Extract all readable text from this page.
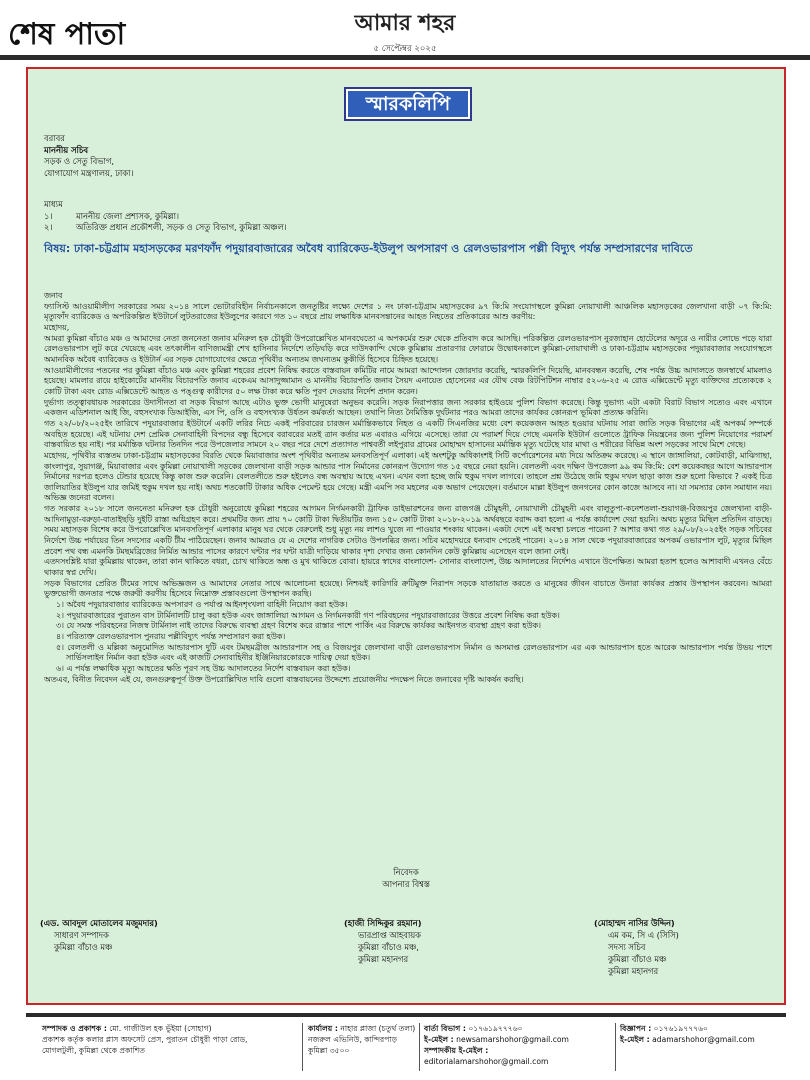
শেষ পাতা	আমার শহর
৫ সেপ্টেম্বর ২০২৫
স্মারকলিপি
বরাবর
মাননীয় সচিব
সড়ক ও সেতু বিভাগ,
যোগাযোগ মন্ত্রণালয়, ঢাকা।
মাধ্যম
১।	মাননীয় জেলা প্রশাসক, কুমিল্লা।
২।	অতিরিক্ত প্রধান প্রকৌশলী, সড়ক ও সেতু বিভাগ, কুমিল্লা অঞ্চল।
বিষয়: ঢাকা-চট্টগ্রাম মহাসড়কের মরণফাঁদ পদুয়ারবাজারের অবৈধ ব্যারিকেড-ইউলুপ অপসারণ ও রেলওভারপাস পল্লী বিদ্যুৎ পর্যন্ত সম্প্রসারণের দাবিতে

জনাব

ফ্যাসিস্ট আওয়ামীলীগ সরকারের সময় ২০১৪ সালে ভোটারবিহীন নির্বাচনকালে জনতুষ্টির লক্ষ্যে দেশের ১ নং ঢাকা-চট্টগ্রাম মহাসড়কের ৯৭ কি:মি সংযোগস্থলে কুমিল্লা নোয়াখালী আঞ্চলিক মহাসড়কের জেলখানা বাড়ী ০৭ কি:মি: মৃত্যুফাঁদ ব্যারিকেড ও অপরিকল্পিত ইউটার্নে লুটতরাজের ইউলুপের কারণে গত ১০ বছরে প্রায় লক্ষাধিক মানবসন্তানের আহত নিহতের প্রতিকারের আশু করণীয়:

মহোদয়,

আমরা কুমিল্লা বাঁচাও মঞ্চ ও আমাদের নেতা জননেতা জনাব মনিরুল হক চৌধুরী উপরোল্লেখিত মানবঘেতো এ অপকর্মের শুরু থেকে প্রতিবাদ করে আসছি। পরিকল্পিত রেলওভারপাস নুরজাহান হোটেলের অদূরে ও নারীর লোভে পড়ে যারা রেলওভারপাস লুট করে খেয়েছে এবং তৎকালীন বাণিজ্যমন্ত্রী শেখ হাসিনার নির্দেশে তড়িঘড়ি করে দাউদকান্দি থেকে কুমিল্লায় প্রতারণার ফোরামে উদ্বোধনকালে কুমিল্লা-নোয়াখালী ও ঢাকা-চট্টগ্রাম মহাসড়কের পদুয়ারবাজার সংযোগস্থলে অমানবিক অবৈধ ব্যারিকেড ও ইউটার্ন এর সড়ক যোগাযোগের ক্ষেত্রে পৃথিবীর অন্যতম জঘন্যতম কুকীর্তি হিসেবে চিহ্নিত হয়েছে।

আওয়ামীলীগের পতনের পর কুমিল্লা বাঁচাও মঞ্চ এবং কুমিল্লা শহরের প্রবেশ নিষিদ্ধ করতে বাস্তবায়ন কমিটির নামে আমরা আন্দোলন জোরদার করেছি, স্মারকলিপি দিয়েছি, মানববন্ধন করেছি, শেষ পর্যন্ত উচ্চ আদালতে জনস্বার্থে মামলাও হয়েছে। মামলার রায়ে হাইকোর্টের মাননীয় বিচারপতি জনাব একেএম আসাদুজ্জামান ও মাননীয় বিচারপতি জনাব সৈয়দ এনায়েত হোসেনের এর যৌথ বেঞ্চ রিটপিটিশন নাম্বার ৫২০৬-২৫ এ রোড এক্সিডেন্টে মৃত্যু ব্যক্তিদের প্রত্যেককে ২ কোটি টাকা এবং রোড এক্সিডেন্টে আহত ও পঙ্গুত্ব কারীদের ৫০ লক্ষ টাকা করে ক্ষতি পূরণ দেওয়ার নির্দেশ প্রদান করেন।

দুর্ভাগ্য তত্ত্বাবধায়ক সরকারের উদাসীনতা বা সড়ক বিভাগ আছে এটাও ভুক্ত ভোগী মানুষেরা অনুভব করেনি। সড়ক নিরাপত্তার জন্য সরকার হাইওয়ে পুলিশ বিভাগ করেছে। কিন্তু দুভাগ্য এটা একটা বিরাট বিভাগ সত্যেও এবং এখানে একজন এডিশনাল আই জি, বহুসংখ্যক ডিআইজি, এস পি, ওসি ও বহুসংখ্যক উর্ধতন কর্মকর্তা আছেন। তথাপি নিত্য নৈমিত্তিক দুর্ঘটনার পরও আমরা তাদের কার্যকর কোনরূপ ভূমিকা প্রত্যক্ষ করিনি।

গত ২২/০৮/২০২৫ইং তারিখে পদুয়ারবাজার ইউটার্নে একটি লরির নিচে একই পরিবারের চারজন মর্মান্তিকভাবে নিহত ও একটি সিএনজির মধ্যে বেশ কয়েকজন আহত হওয়ার ঘটনায় সারা জাতি সড়ক বিভাগের এই অপকর্ম সম্পর্কে অবহিত হয়েছে। এই ঘটনায় দেশ প্রেমিক সেনাবাহিনী বিপদের বন্ধু হিসেবে বরাবরের মতই ত্রান কর্তার মত এবারও এগিয়ে এসেছে। তারা যে পরামর্শ দিয়ে গেছে এমনকি ইউটার্ন গুলোতে ট্রাফিক নিয়ন্ত্রনের জন্য পুলিশ নিয়োগের পরামর্শ বাস্তবায়িত হয় নাই। পর মর্মান্তিক ঘটনার তিনদিন পরে উপজেলার সামনে ২০ বছর পরে দেশে প্রত্যাগত পাশ্ববর্তী লইপুরার গ্রামের মোহাম্মদ হাসানের মর্মান্তিক মৃত্যু ঘটেছে যার মাথা ও শরীরের বিভিন্ন অংশ সড়কের সাথে মিশে গেছে।

মহোদয়, পৃথিবীর ব্যস্ততম ঢাকা-চট্টগ্রাম মহাসড়কের বিরতি থেকে মিয়াবাজার অংশ পৃথিবীর অন্যতম মনবসতিপূর্ণ এলাকা। এই অংশটুকু অধিকাংশই সিটি কর্পোরেশনের মধ্য দিয়ে অতিক্রম করেছে। এ স্থানে জাঙ্গালিয়া, কোটবাড়ী, মাঝিগাছা, কাংলাপুর, সুয়াগঞ্জ, মিয়াবাজার এবং কুমিল্লা নোয়াখালী সড়কের জেলখানা বাড়ী সড়ক আন্ডার পাস নির্মানের কোনরূপ উদ্যোগ গত ১৫ বছরে নেয়া হয়নি। বেলতলী এবং দক্ষিণ উপজেলা ৯৯ কম কি:মি: বেশ কয়েকবছর আগে আন্ডারপাস নির্মানের দরপত্র হলেও টেন্ডার হয়েছে কিন্তু কাজ শুরু করেনি। বেলতলীতে শুরু হইলেও বন্ধ অবস্থায় আছে এখন। এখন বলা হচ্ছে জমি হুকুম দখল লাগবে। তাহলে প্রশ্ন উঠেছে জমি হুকুম দখল ছাড়া কাজ শুরু হলো কিভাবে ? একই চিত্র জালিয়াতির ইউলুপ যার জমিই হুকুম দখল হয় নাই। অথচ শতকোটি টাকার অধিক পেমেন্ট হয়ে গেছে। মন্ত্রী এমপি সব মহলের এক অভাগ পেয়েছেন। বর্তমানে মাল্লা ইউলুপ জনগনের কোন কাজে আসবে না। যা সমস্যার কোন সমাধান নয়। অভিজ্ঞ জনেরা বলেন।

গত সরকার ২০১৮ সালে জননেতা মনিরুল হক চৌধুরী অনুরোধে কুমিল্লা শহরের আগমন নির্গমনকারী ট্রাফিক ডাইভারশনের জন্য রাজগঞ্জ চৌমুহনী, নোয়াখালী চৌমুহনী এবং বালুতুপা-কনেশতলা-শুয়াগঞ্জ-বিজয়পুর জেলখানা বাড়ী- আদিনামুড়া-বরুড়া-বাতাইছড়ি দুইটি রাস্তা অধিগ্রহণ করে। প্রথমটির জন্য প্রায় ৭০ কোটি টাকা দ্বিতীয়টির জন্য ১৫০ কোটি টাকা ২০১৮-২০১৯ অর্থবছরে বরাদ্দ করা হলো এ পর্যন্ত কার্যাদেশ দেয়া হয়নি। অথচ মৃত্যুর মিছিল প্রতিদিন বাড়ছে। সময় মহাসড়ক বিশেষ করে উপরোল্লেখিত মানবসতিপূর্ণ এলাকার মানুষ ঘর থেকে বেরুলেই শুধু মৃত্যু নয় লাশও খুজে না পাওয়ার শংকায় থাকেন। একটা দেশে এই অবস্থা চলতে পারেনা ? আশার কথা গত ২৯/০৮/২০২৫ইং সড়ক সচিবের নির্দেশে উচ্চ পর্যায়ের তিন সদস্যের একটি টীম পাঠিয়েছেন। জনাব আমরাও যে এ দেশের নাগরিক সেটাও উপলব্ধির জন্য। সচিব মহোদয়রে ধন্যবাদ পেতেই পারেন। ২০১৪ সাল থেকে পদুয়ারবাজারের অপকর্ম ওভারপাস লুট, মৃত্যুর মিছিল প্রবেশ পথ বন্ধ এমনকি টমছমব্রিজের নির্মিত আন্ডার পাসের কারণে ঘন্টার পর ঘন্টা যাত্রী দাড়িয়ে থাকার দৃশ্য দেখার জন্য কোনদিন কেউ কুমিল্লায় এসেছেন বলে জানা নেই।

এতদসংশ্লিষ্ট যারা কুমিল্লায় থাকেন, তারা কান থাকিতে বধরা, চোখ থাকিতে অন্ধ ও মুখ থাকিতে বোবা। হায়রে স্বাদের বাংলাদেশ- সোনার বাংলাদেশ, উচ্চ আদালতের নির্দেশও এখানে উপেক্ষিত। আমরা হতাশ হলেও আশাবাদী এখনও বেঁচে থাকার স্বপ্ন দেখি।

সড়ক বিভাগের প্রেরিত টীমের সাথে অভিজ্ঞজন ও আমাদের নেতার সাথে আলোচনা হয়েছে। নিশ্চয়ই কারিগরি ক্রটিমুক্ত নিরাপদ সড়কে যাতায়াত করতে ও মানুষের জীবন বাচাতে উনারা কার্যকর প্রস্তাব উপস্থাপন করবেন। আমরা ভুক্তভোগী জনতার পক্ষে জরুরী করণীয় হিসেবে নিম্নোক্ত প্রস্তাবগুলো উপস্থাপন করছি।

১। অবৈধ পদুয়ারবাজার ব্যারিকেড অপসারণ ও পর্যাপ্ত আইনশৃংখলা বাহিনী নিয়োগ করা হউক।

২। পদুয়ারবাজারের পুরাতন বাস টার্মিনালটি চালু করা হউক এবং জাঙ্গালিয়া আগমন ও নির্গমনকারী গণ পরিবহনের পদুয়ারবাজারের উত্তরে প্রবেশ নিষিদ্ধ করা হউক।

৩। যে সমস্ত পরিবহনের নিজস্ব টার্মিনাল নাই তাদের বিরুদ্ধে ব্যবস্থা গ্রহণ বিশেষ করে রাস্তার পাশে পার্কিং এর বিরুদ্ধে কার্যকর আইনগত ব্যবস্থা গ্রহণ করা হউক।

৪। পরিত্যক্ত রেলওভারপাস পুনরায় পল্লীবিদ্যুৎ পর্যন্ত সম্প্রসারণ করা হউক।

৫। বেলতলী ও মল্লিকা অনুমোদিত আন্ডারপাস দুটি এবং টমছমব্রীজ আন্ডারপাস সহ ও বিজয়পুর জেলখানা বাড়ী রেলওভারপাস নির্মান ও অসমাপ্ত রেলওভারপাস এর এক আন্ডারপাস হতে আরেক আন্ডারপাস পর্যন্ত উভয় পাশে সার্ভিসলাইন নির্মান করা হউক এবং এই কাজটি সেনাবাহিনীর ইঞ্জিনিয়ারকোরকে দায়িত্ব দেয়া হউক।

৬। এ পর্যন্ত লক্ষাধিক মৃত্যু আহতের ক্ষতি পূরণ সহ উচ্চ আদালতের নির্দেশ বাস্তবায়ন করা হউক।

অতএব, বিনীত নিবেদন এই যে, জনগুরুত্বপূর্ণ উক্ত উপরোল্লিখিত দাবি গুলো বাস্তবায়নের উদ্দেশ্যে প্রয়োজনীয় পদক্ষেপ নিতে জনাবের দৃষ্টি আকর্ষন করছি।

নিবেদক
আপনার বিশ্বস্ত
(এড. আবদুল মোতালেব মজুমদার)
সাধারণ সম্পাদক
কুমিল্লা বাঁচাও মঞ্চ
(হাজী সিদ্দিকুর রহমান)
ভারপ্রাপ্ত আহবায়ক
কুমিল্লা বাঁচাও মঞ্চ,
কুমিল্লা মহানগর
(মোহাম্মদ নাসির উদ্দিন)
এম কম, সি এ (সিসি)
সদস্য সচিব
কুমিল্লা বাঁচাও মঞ্চ
কুমিল্লা মহানগর
সম্পাদক ও প্রকাশক : মো. গাজীউল হক ভুঁইয়া (সোহাগ)
প্রকাশক কর্তৃক কলার প্লাস অফসেট প্রেস, পুরাতন চৌধুরী পাড়া রোড,
মোগলটুলী, কুমিল্লা থেকে প্রকাশিত
কার্যালয় : নাহার প্লাজা (চতুর্থ তলা)
নজরুল এভিনিউ, কান্দিরপাড়
কুমিল্লা ৩৫০০
বার্তা বিভাগ : ০১৭৬১৯৭৭৭৬০
ই-মেইল : newsamarshohor@gmail.com
সম্পাদকীয় ই-মেইল : editorialamarshohor@gmail.com
বিজ্ঞাপন : ০১৭৬১৯৭৭৭৬০
ই-মেইল : adamarshohor@gmail.com
